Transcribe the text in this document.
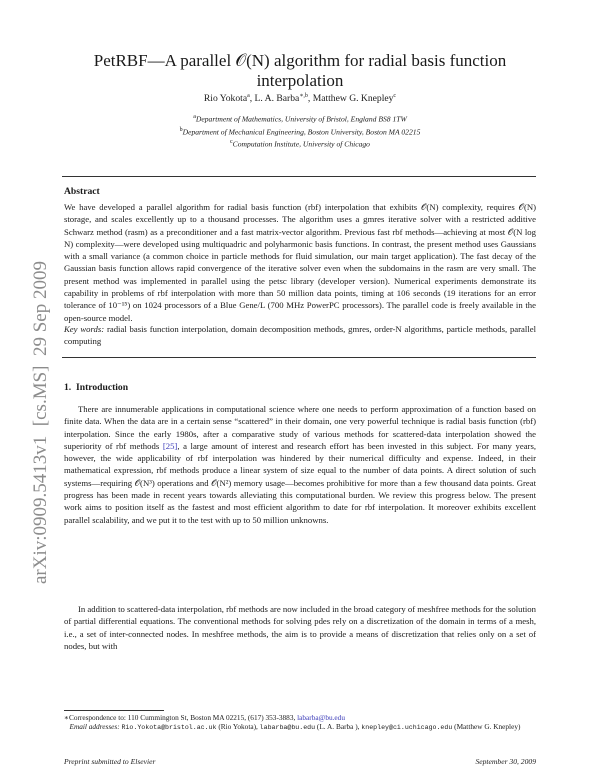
arXiv:0909.5413v1  [cs.MS]  29 Sep 2009
PetRBF—A parallel 𝒪(N) algorithm for radial basis function interpolation
Rio Yokota$^a$, L. A. Barba$^{∗,b}$, Matthew G. Knepley$^c$
$^a$Department of Mathematics, University of Bristol, England BS8 1TW
$^b$Department of Mechanical Engineering, Boston University, Boston MA 02215
$^c$Computation Institute, University of Chicago
Abstract
We have developed a parallel algorithm for radial basis function (rbf) interpolation that exhibits 𝒪(N) complexity, requires 𝒪(N) storage, and scales excellently up to a thousand processes. The algorithm uses a gmres iterative solver with a restricted additive Schwarz method (rasm) as a preconditioner and a fast matrix-vector algorithm. Previous fast rbf methods—achieving at most 𝒪(N log N) complexity—were developed using multiquadric and polyharmonic basis functions. In contrast, the present method uses Gaussians with a small variance (a common choice in particle methods for fluid simulation, our main target application). The fast decay of the Gaussian basis function allows rapid convergence of the iterative solver even when the subdomains in the rasm are very small. The present method was implemented in parallel using the petsc library (developer version). Numerical experiments demonstrate its capability in problems of rbf interpolation with more than 50 million data points, timing at 106 seconds (19 iterations for an error tolerance of 10⁻¹⁵) on 1024 processors of a Blue Gene/L (700 MHz PowerPC processors). The parallel code is freely available in the open-source model.
Key words: radial basis function interpolation, domain decomposition methods, gmres, order-N algorithms, particle methods, parallel computing
1. Introduction
There are innumerable applications in computational science where one needs to perform approximation of a function based on finite data. When the data are in a certain sense “scattered” in their domain, one very powerful technique is radial basis function (rbf) interpolation. Since the early 1980s, after a comparative study of various methods for scattered-data interpolation showed the superiority of rbf methods [25], a large amount of interest and research effort has been invested in this subject. For many years, however, the wide applicability of rbf interpolation was hindered by their numerical difficulty and expense. Indeed, in their mathematical expression, rbf methods produce a linear system of size equal to the number of data points. A direct solution of such systems—requiring 𝒪(N³) operations and 𝒪(N²) memory usage—becomes prohibitive for more than a few thousand data points. Great progress has been made in recent years towards alleviating this computational burden. We review this progress below. The present work aims to position itself as the fastest and most efficient algorithm to date for rbf interpolation. It moreover exhibits excellent parallel scalability, and we put it to the test with up to 50 million unknowns.
In addition to scattered-data interpolation, rbf methods are now included in the broad category of meshfree methods for the solution of partial differential equations. The conventional methods for solving pdes rely on a discretization of the domain in terms of a mesh, i.e., a set of inter-connected nodes. In meshfree methods, the aim is to provide a means of discretization that relies only on a set of nodes, but with
∗Correspondence to: 110 Cummington St, Boston MA 02215, (617) 353-3883, labarba@bu.edu
Email addresses: Rio.Yokota@bristol.ac.uk (Rio Yokota), labarba@bu.edu (L. A. Barba ), knepley@ci.uchicago.edu (Matthew G. Knepley)
Preprint submitted to Elsevier	September 30, 2009
